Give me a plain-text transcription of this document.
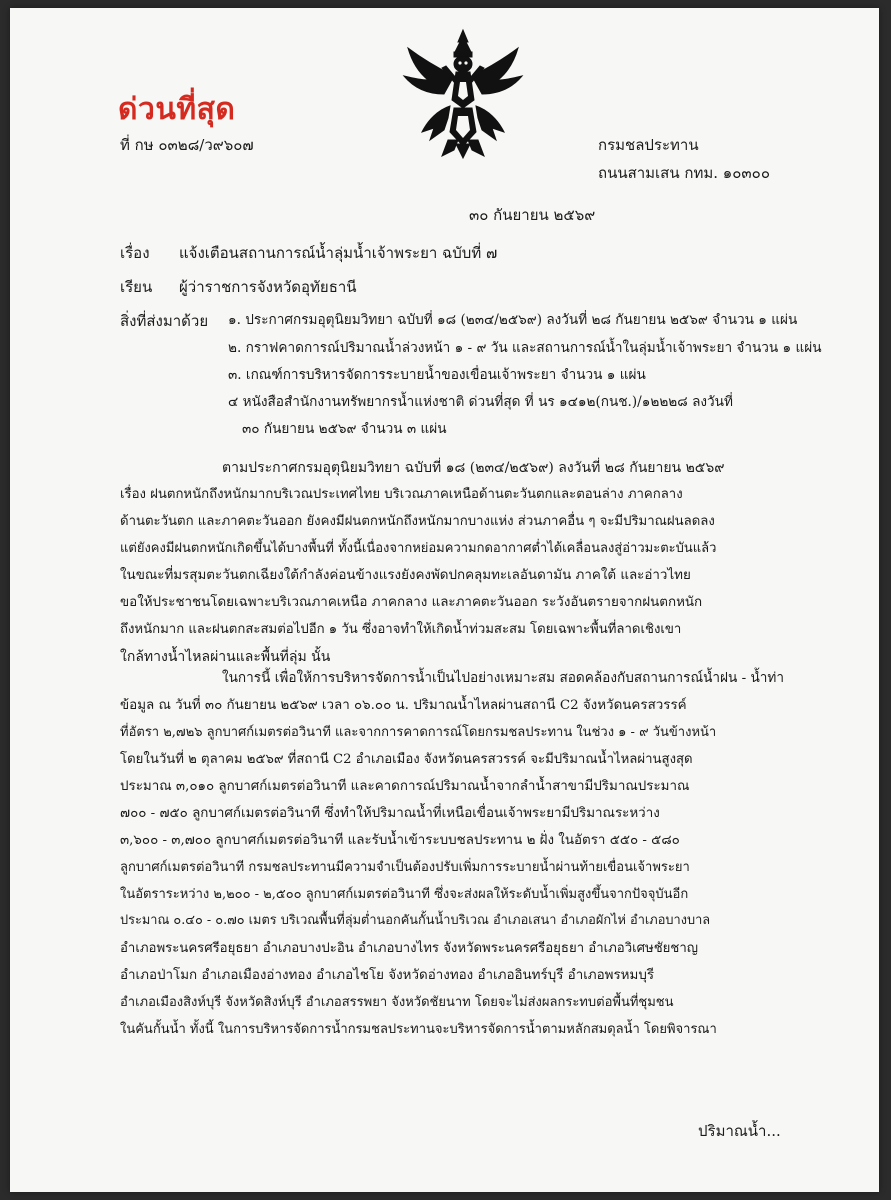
ด่วนที่สุด
ที่ กษ ๐๓๒๘/ว๙๖๐๗	กรมชลประทาน
ถนนสามเสน กทม. ๑๐๓๐๐
๓๐ กันยายน ๒๕๖๙
เรื่อง แจ้งเตือนสถานการณ์น้ำลุ่มน้ำเจ้าพระยา ฉบับที่ ๗
เรียน ผู้ว่าราชการจังหวัดอุทัยธานี
สิ่งที่ส่งมาด้วย ๑. ประกาศกรมอุตุนิยมวิทยา ฉบับที่ ๑๘ (๒๓๔/๒๕๖๙) ลงวันที่ ๒๘ กันยายน ๒๕๖๙ จำนวน ๑ แผ่น
๒. กราฟคาดการณ์ปริมาณน้ำล่วงหน้า ๑ - ๙ วัน และสถานการณ์น้ำในลุ่มน้ำเจ้าพระยา จำนวน ๑ แผ่น
๓. เกณฑ์การบริหารจัดการระบายน้ำของเขื่อนเจ้าพระยา จำนวน ๑ แผ่น
๔ หนังสือสำนักงานทรัพยากรน้ำแห่งชาติ ด่วนที่สุด ที่ นร ๑๔๑๒(กนช.)/๑๒๒๒๘ ลงวันที่
๓๐ กันยายน ๒๕๖๙ จำนวน ๓ แผ่น
ตามประกาศกรมอุตุนิยมวิทยา ฉบับที่ ๑๘ (๒๓๔/๒๕๖๙) ลงวันที่ ๒๘ กันยายน ๒๕๖๙
เรื่อง ฝนตกหนักถึงหนักมากบริเวณประเทศไทย บริเวณภาคเหนือด้านตะวันตกและตอนล่าง ภาคกลาง
ด้านตะวันตก และภาคตะวันออก ยังคงมีฝนตกหนักถึงหนักมากบางแห่ง ส่วนภาคอื่น ๆ จะมีปริมาณฝนลดลง
แต่ยังคงมีฝนตกหนักเกิดขึ้นได้บางพื้นที่ ทั้งนี้เนื่องจากหย่อมความกดอากาศต่ำได้เคลื่อนลงสู่อ่าวมะตะบันแล้ว
ในขณะที่มรสุมตะวันตกเฉียงใต้กำลังค่อนข้างแรงยังคงพัดปกคลุมทะเลอันดามัน ภาคใต้ และอ่าวไทย
ขอให้ประชาชนโดยเฉพาะบริเวณภาคเหนือ ภาคกลาง และภาคตะวันออก ระวังอันตรายจากฝนตกหนัก
ถึงหนักมาก และฝนตกสะสมต่อไปอีก ๑ วัน ซึ่งอาจทำให้เกิดน้ำท่วมสะสม โดยเฉพาะพื้นที่ลาดเชิงเขา
ใกล้ทางน้ำไหลผ่านและพื้นที่ลุ่ม นั้น
ในการนี้ เพื่อให้การบริหารจัดการน้ำเป็นไปอย่างเหมาะสม สอดคล้องกับสถานการณ์น้ำฝน - น้ำท่า
ข้อมูล ณ วันที่ ๓๐ กันยายน ๒๕๖๙ เวลา ๐๖.๐๐ น. ปริมาณน้ำไหลผ่านสถานี C2 จังหวัดนครสวรรค์
ที่อัตรา ๒,๗๒๖ ลูกบาศก์เมตรต่อวินาที และจากการคาดการณ์โดยกรมชลประทาน ในช่วง ๑ - ๙ วันข้างหน้า
โดยในวันที่ ๒ ตุลาคม ๒๕๖๙ ที่สถานี C2 อำเภอเมือง จังหวัดนครสวรรค์ จะมีปริมาณน้ำไหลผ่านสูงสุด
ประมาณ ๓,๐๑๐ ลูกบาศก์เมตรต่อวินาที และคาดการณ์ปริมาณน้ำจากลำน้ำสาขามีปริมาณประมาณ
๗๐๐ - ๗๕๐ ลูกบาศก์เมตรต่อวินาที ซึ่งทำให้ปริมาณน้ำที่เหนือเขื่อนเจ้าพระยามีปริมาณระหว่าง
๓,๖๐๐ - ๓,๗๐๐ ลูกบาศก์เมตรต่อวินาที และรับน้ำเข้าระบบชลประทาน ๒ ฝั่ง ในอัตรา ๕๕๐ - ๕๘๐
ลูกบาศก์เมตรต่อวินาที กรมชลประทานมีความจำเป็นต้องปรับเพิ่มการระบายน้ำผ่านท้ายเขื่อนเจ้าพระยา
ในอัตราระหว่าง ๒,๒๐๐ - ๒,๕๐๐ ลูกบาศก์เมตรต่อวินาที ซึ่งจะส่งผลให้ระดับน้ำเพิ่มสูงขึ้นจากปัจจุบันอีก
ประมาณ ๐.๔๐ - ๐.๗๐ เมตร บริเวณพื้นที่ลุ่มต่ำนอกคันกั้นน้ำบริเวณ อำเภอเสนา อำเภอผักไห่ อำเภอบางบาล
อำเภอพระนครศรีอยุธยา อำเภอบางปะอิน อำเภอบางไทร จังหวัดพระนครศรีอยุธยา อำเภอวิเศษชัยชาญ
อำเภอป่าโมก อำเภอเมืองอ่างทอง อำเภอไชโย จังหวัดอ่างทอง อำเภออินทร์บุรี อำเภอพรหมบุรี
อำเภอเมืองสิงห์บุรี จังหวัดสิงห์บุรี อำเภอสรรพยา จังหวัดชัยนาท โดยจะไม่ส่งผลกระทบต่อพื้นที่ชุมชน
ในคันกั้นน้ำ ทั้งนี้ ในการบริหารจัดการน้ำกรมชลประทานจะบริหารจัดการน้ำตามหลักสมดุลน้ำ โดยพิจารณา
ปริมาณน้ำ...
